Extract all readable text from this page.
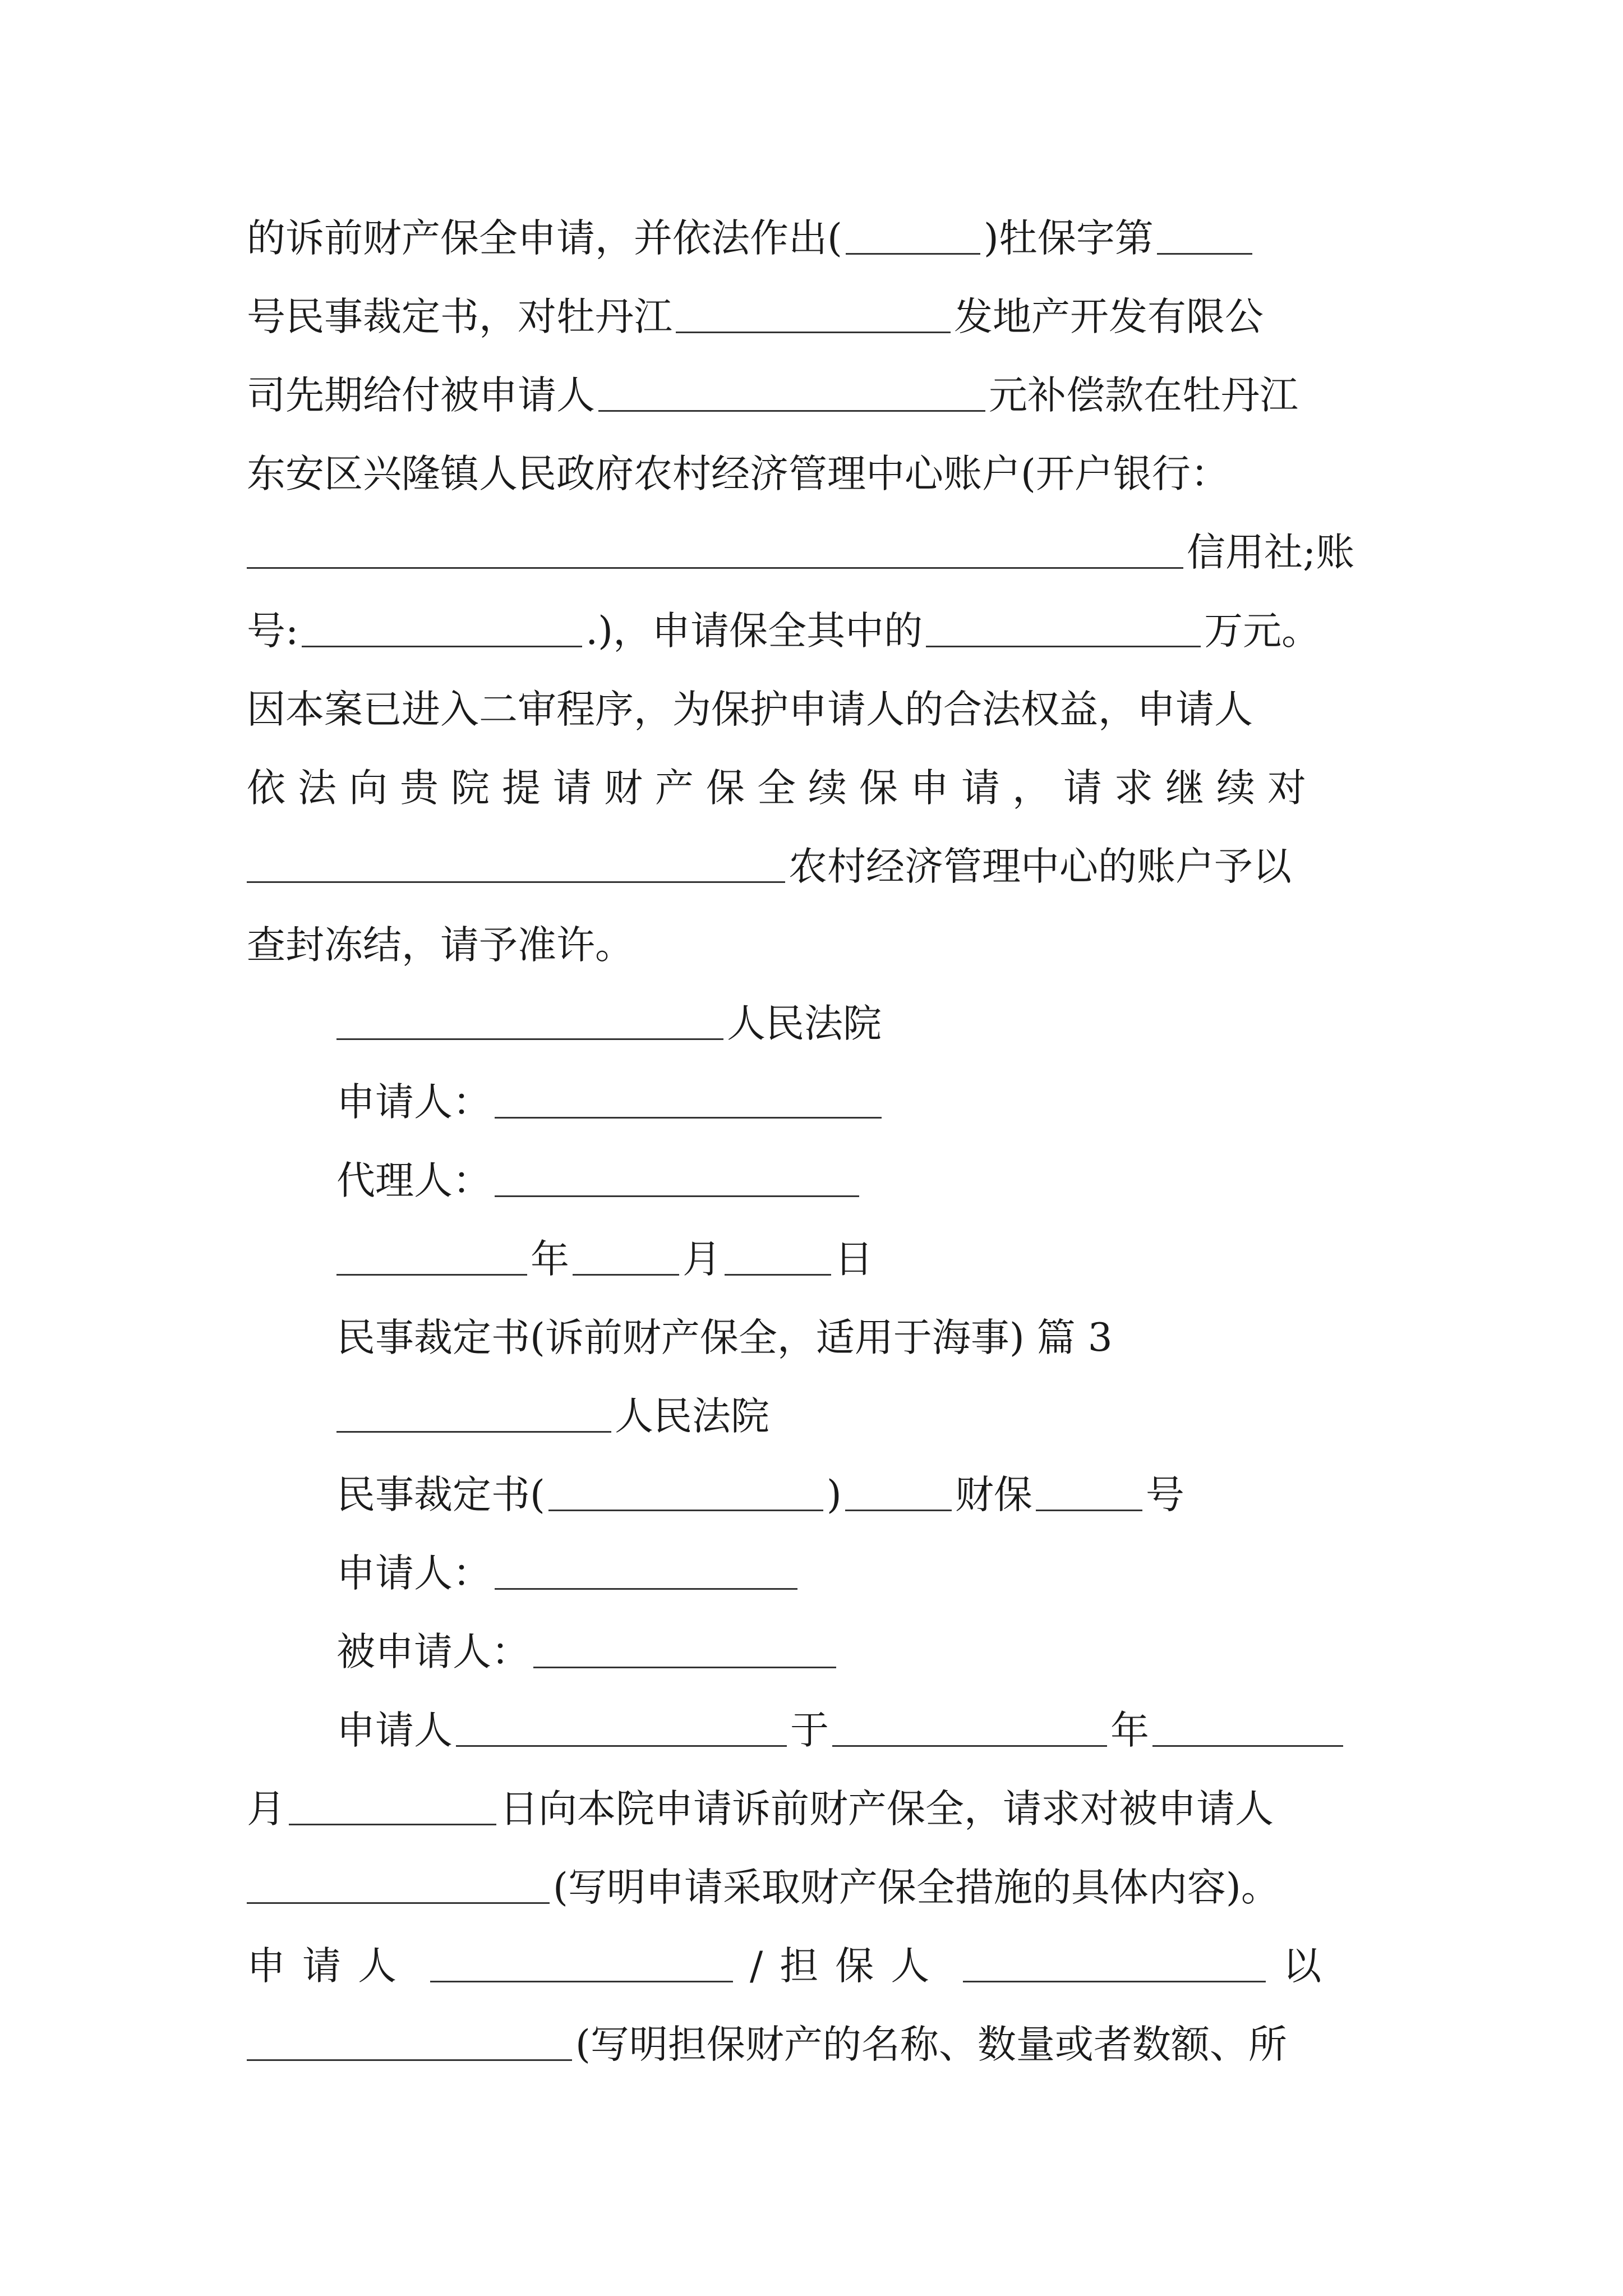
的诉前财产保全申请，并依法作出(	)牡保字第
号民事裁定书，对牡丹江	发地产开发有限公
司先期给付被申请人	元补偿款在牡丹江
东安区兴隆镇人民政府农村经济管理中心账户(开户银行：
信用社;账
号:	.)，申请保全其中的	万元。
因本案已进入二审程序，为保护申请人的合法权益，申请人
依法向贵院提请财产保全续保申请，请求继续对
农村经济管理中心的账户予以
查封冻结，请予准许。
人民法院
申请人：
代理人：
年	月	日
民事裁定书(诉前财产保全，适用于海事) 篇 3
人民法院
民事裁定书(	)	财保	号
申请人：
被申请人：
申请人	于	年
月	日向本院申请诉前财产保全，请求对被申请人
(写明申请采取财产保全措施的具体内容)。
申请人	/担保人	以
(写明担保财产的名称、数量或者数额、所
